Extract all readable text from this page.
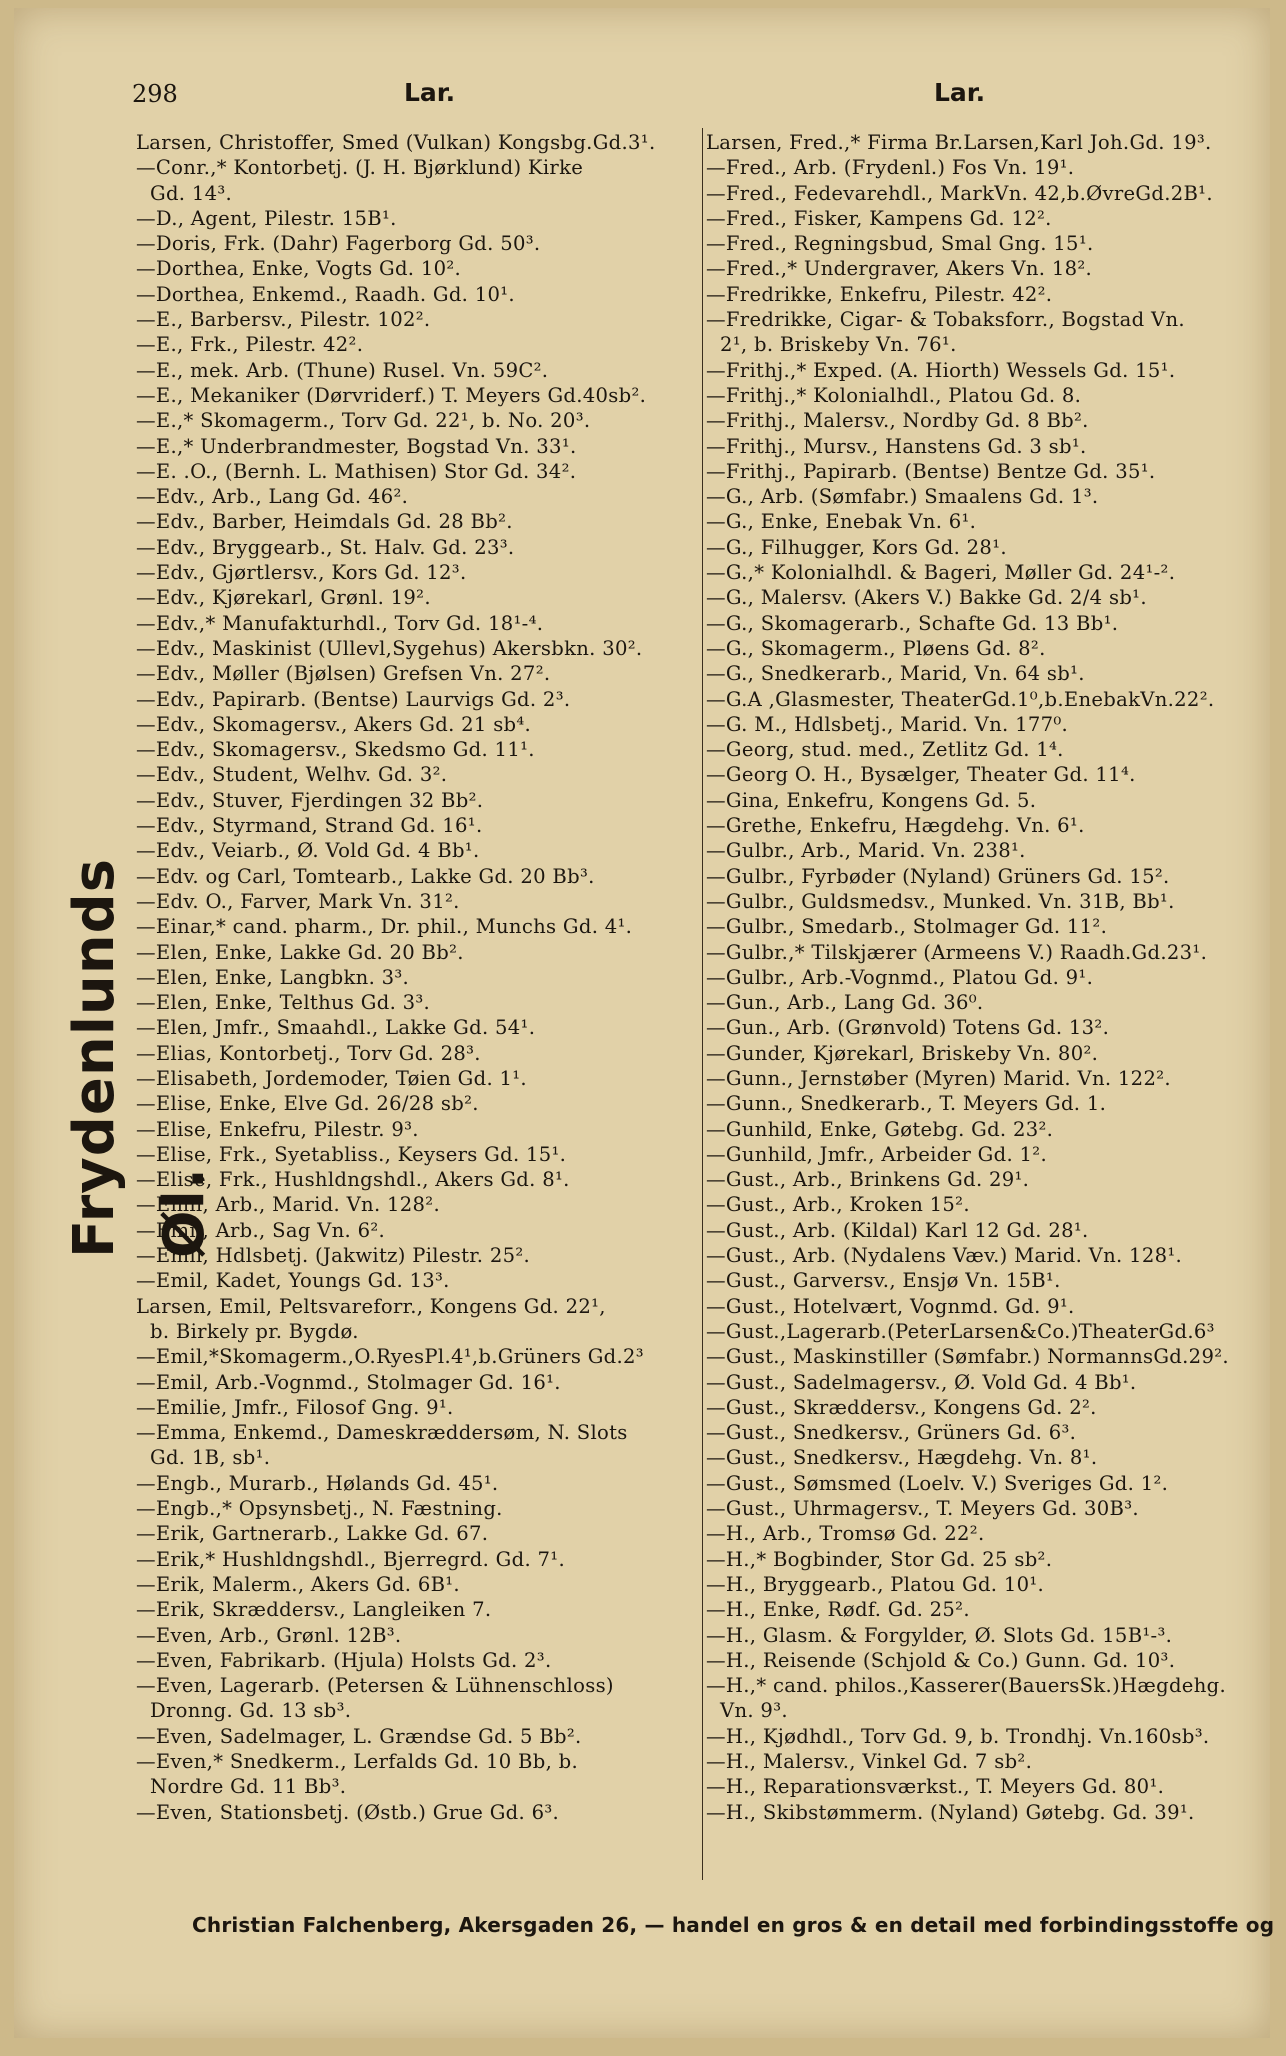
298	Lar.	Lar.
Frydenlunds Øl.
Larsen, Christoffer, Smed (Vulkan) Kongsbg.Gd.3¹.
—Conr.,* Kontorbetj. (J. H. Bjørklund) Kirke
Gd. 14³.
—D., Agent, Pilestr. 15B¹.
—Doris, Frk. (Dahr) Fagerborg Gd. 50³.
—Dorthea, Enke, Vogts Gd. 10².
—Dorthea, Enkemd., Raadh. Gd. 10¹.
—E., Barbersv., Pilestr. 102².
—E., Frk., Pilestr. 42².
—E., mek. Arb. (Thune) Rusel. Vn. 59C².
—E., Mekaniker (Dørvriderf.) T. Meyers Gd.40sb².
—E.,* Skomagerm., Torv Gd. 22¹, b. No. 20³.
—E.,* Underbrandmester, Bogstad Vn. 33¹.
—E. .O., (Bernh. L. Mathisen) Stor Gd. 34².
—Edv., Arb., Lang Gd. 46².
—Edv., Barber, Heimdals Gd. 28 Bb².
—Edv., Bryggearb., St. Halv. Gd. 23³.
—Edv., Gjørtlersv., Kors Gd. 12³.
—Edv., Kjørekarl, Grønl. 19².
—Edv.,* Manufakturhdl., Torv Gd. 18¹-⁴.
—Edv., Maskinist (Ullevl,Sygehus) Akersbkn. 30².
—Edv., Møller (Bjølsen) Grefsen Vn. 27².
—Edv., Papirarb. (Bentse) Laurvigs Gd. 2³.
—Edv., Skomagersv., Akers Gd. 21 sb⁴.
—Edv., Skomagersv., Skedsmo Gd. 11¹.
—Edv., Student, Welhv. Gd. 3².
—Edv., Stuver, Fjerdingen 32 Bb².
—Edv., Styrmand, Strand Gd. 16¹.
—Edv., Veiarb., Ø. Vold Gd. 4 Bb¹.
—Edv. og Carl, Tomtearb., Lakke Gd. 20 Bb³.
—Edv. O., Farver, Mark Vn. 31².
—Einar,* cand. pharm., Dr. phil., Munchs Gd. 4¹.
—Elen, Enke, Lakke Gd. 20 Bb².
—Elen, Enke, Langbkn. 3³.
—Elen, Enke, Telthus Gd. 3³.
—Elen, Jmfr., Smaahdl., Lakke Gd. 54¹.
—Elias, Kontorbetj., Torv Gd. 28³.
—Elisabeth, Jordemoder, Tøien Gd. 1¹.
—Elise, Enke, Elve Gd. 26/28 sb².
—Elise, Enkefru, Pilestr. 9³.
—Elise, Frk., Syetabliss., Keysers Gd. 15¹.
—Elise, Frk., Hushldngshdl., Akers Gd. 8¹.
—Emil, Arb., Marid. Vn. 128².
—Emil, Arb., Sag Vn. 6².
—Emil, Hdlsbetj. (Jakwitz) Pilestr. 25².
—Emil, Kadet, Youngs Gd. 13³.
Larsen, Emil, Peltsvareforr., Kongens Gd. 22¹,
b. Birkely pr. Bygdø.
—Emil,*Skomagerm.,O.RyesPl.4¹,b.Grüners Gd.2³
—Emil, Arb.-Vognmd., Stolmager Gd. 16¹.
—Emilie, Jmfr., Filosof Gng. 9¹.
—Emma, Enkemd., Dameskræddersøm, N. Slots
Gd. 1B, sb¹.
—Engb., Murarb., Hølands Gd. 45¹.
—Engb.,* Opsynsbetj., N. Fæstning.
—Erik, Gartnerarb., Lakke Gd. 67.
—Erik,* Hushldngshdl., Bjerregrd. Gd. 7¹.
—Erik, Malerm., Akers Gd. 6B¹.
—Erik, Skræddersv., Langleiken 7.
—Even, Arb., Grønl. 12B³.
—Even, Fabrikarb. (Hjula) Holsts Gd. 2³.
—Even, Lagerarb. (Petersen & Lühnenschloss)
Dronng. Gd. 13 sb³.
—Even, Sadelmager, L. Grændse Gd. 5 Bb².
—Even,* Snedkerm., Lerfalds Gd. 10 Bb, b.
Nordre Gd. 11 Bb³.
—Even, Stationsbetj. (Østb.) Grue Gd. 6³.
Larsen, Fred.,* Firma Br.Larsen,Karl Joh.Gd. 19³.
—Fred., Arb. (Frydenl.) Fos Vn. 19¹.
—Fred., Fedevarehdl., MarkVn. 42,b.ØvreGd.2B¹.
—Fred., Fisker, Kampens Gd. 12².
—Fred., Regningsbud, Smal Gng. 15¹.
—Fred.,* Undergraver, Akers Vn. 18².
—Fredrikke, Enkefru, Pilestr. 42².
—Fredrikke, Cigar- & Tobaksforr., Bogstad Vn.
2¹, b. Briskeby Vn. 76¹.
—Frithj.,* Exped. (A. Hiorth) Wessels Gd. 15¹.
—Frithj.,* Kolonialhdl., Platou Gd. 8.
—Frithj., Malersv., Nordby Gd. 8 Bb².
—Frithj., Mursv., Hanstens Gd. 3 sb¹.
—Frithj., Papirarb. (Bentse) Bentze Gd. 35¹.
—G., Arb. (Sømfabr.) Smaalens Gd. 1³.
—G., Enke, Enebak Vn. 6¹.
—G., Filhugger, Kors Gd. 28¹.
—G.,* Kolonialhdl. & Bageri, Møller Gd. 24¹-².
—G., Malersv. (Akers V.) Bakke Gd. 2/4 sb¹.
—G., Skomagerarb., Schafte Gd. 13 Bb¹.
—G., Skomagerm., Pløens Gd. 8².
—G., Snedkerarb., Marid, Vn. 64 sb¹.
—G.A ,Glasmester, TheaterGd.1⁰,b.EnebakVn.22².
—G. M., Hdlsbetj., Marid. Vn. 177⁰.
—Georg, stud. med., Zetlitz Gd. 1⁴.
—Georg O. H., Bysælger, Theater Gd. 11⁴.
—Gina, Enkefru, Kongens Gd. 5.
—Grethe, Enkefru, Hægdehg. Vn. 6¹.
—Gulbr., Arb., Marid. Vn. 238¹.
—Gulbr., Fyrbøder (Nyland) Grüners Gd. 15².
—Gulbr., Guldsmedsv., Munked. Vn. 31B, Bb¹.
—Gulbr., Smedarb., Stolmager Gd. 11².
—Gulbr.,* Tilskjærer (Armeens V.) Raadh.Gd.23¹.
—Gulbr., Arb.-Vognmd., Platou Gd. 9¹.
—Gun., Arb., Lang Gd. 36⁰.
—Gun., Arb. (Grønvold) Totens Gd. 13².
—Gunder, Kjørekarl, Briskeby Vn. 80².
—Gunn., Jernstøber (Myren) Marid. Vn. 122².
—Gunn., Snedkerarb., T. Meyers Gd. 1.
—Gunhild, Enke, Gøtebg. Gd. 23².
—Gunhild, Jmfr., Arbeider Gd. 1².
—Gust., Arb., Brinkens Gd. 29¹.
—Gust., Arb., Kroken 15².
—Gust., Arb. (Kildal) Karl 12 Gd. 28¹.
—Gust., Arb. (Nydalens Væv.) Marid. Vn. 128¹.
—Gust., Garversv., Ensjø Vn. 15B¹.
—Gust., Hotelvært, Vognmd. Gd. 9¹.
—Gust.,Lagerarb.(PeterLarsen&Co.)TheaterGd.6³
—Gust., Maskinstiller (Sømfabr.) NormannsGd.29².
—Gust., Sadelmagersv., Ø. Vold Gd. 4 Bb¹.
—Gust., Skræddersv., Kongens Gd. 2².
—Gust., Snedkersv., Grüners Gd. 6³.
—Gust., Snedkersv., Hægdehg. Vn. 8¹.
—Gust., Sømsmed (Loelv. V.) Sveriges Gd. 1².
—Gust., Uhrmagersv., T. Meyers Gd. 30B³.
—H., Arb., Tromsø Gd. 22².
—H.,* Bogbinder, Stor Gd. 25 sb².
—H., Bryggearb., Platou Gd. 10¹.
—H., Enke, Rødf. Gd. 25².
—H., Glasm. & Forgylder, Ø. Slots Gd. 15B¹-³.
—H., Reisende (Schjold & Co.) Gunn. Gd. 10³.
—H.,* cand. philos.,Kasserer(BauersSk.)Hægdehg.
Vn. 9³.
—H., Kjødhdl., Torv Gd. 9, b. Trondhj. Vn.160sb³.
—H., Malersv., Vinkel Gd. 7 sb².
—H., Reparationsværkst., T. Meyers Gd. 80¹.
—H., Skibstømmerm. (Nyland) Gøtebg. Gd. 39¹.
Christian Falchenberg, Akersgaden 26, — handel en gros & en detail med forbindingsstoffe og
